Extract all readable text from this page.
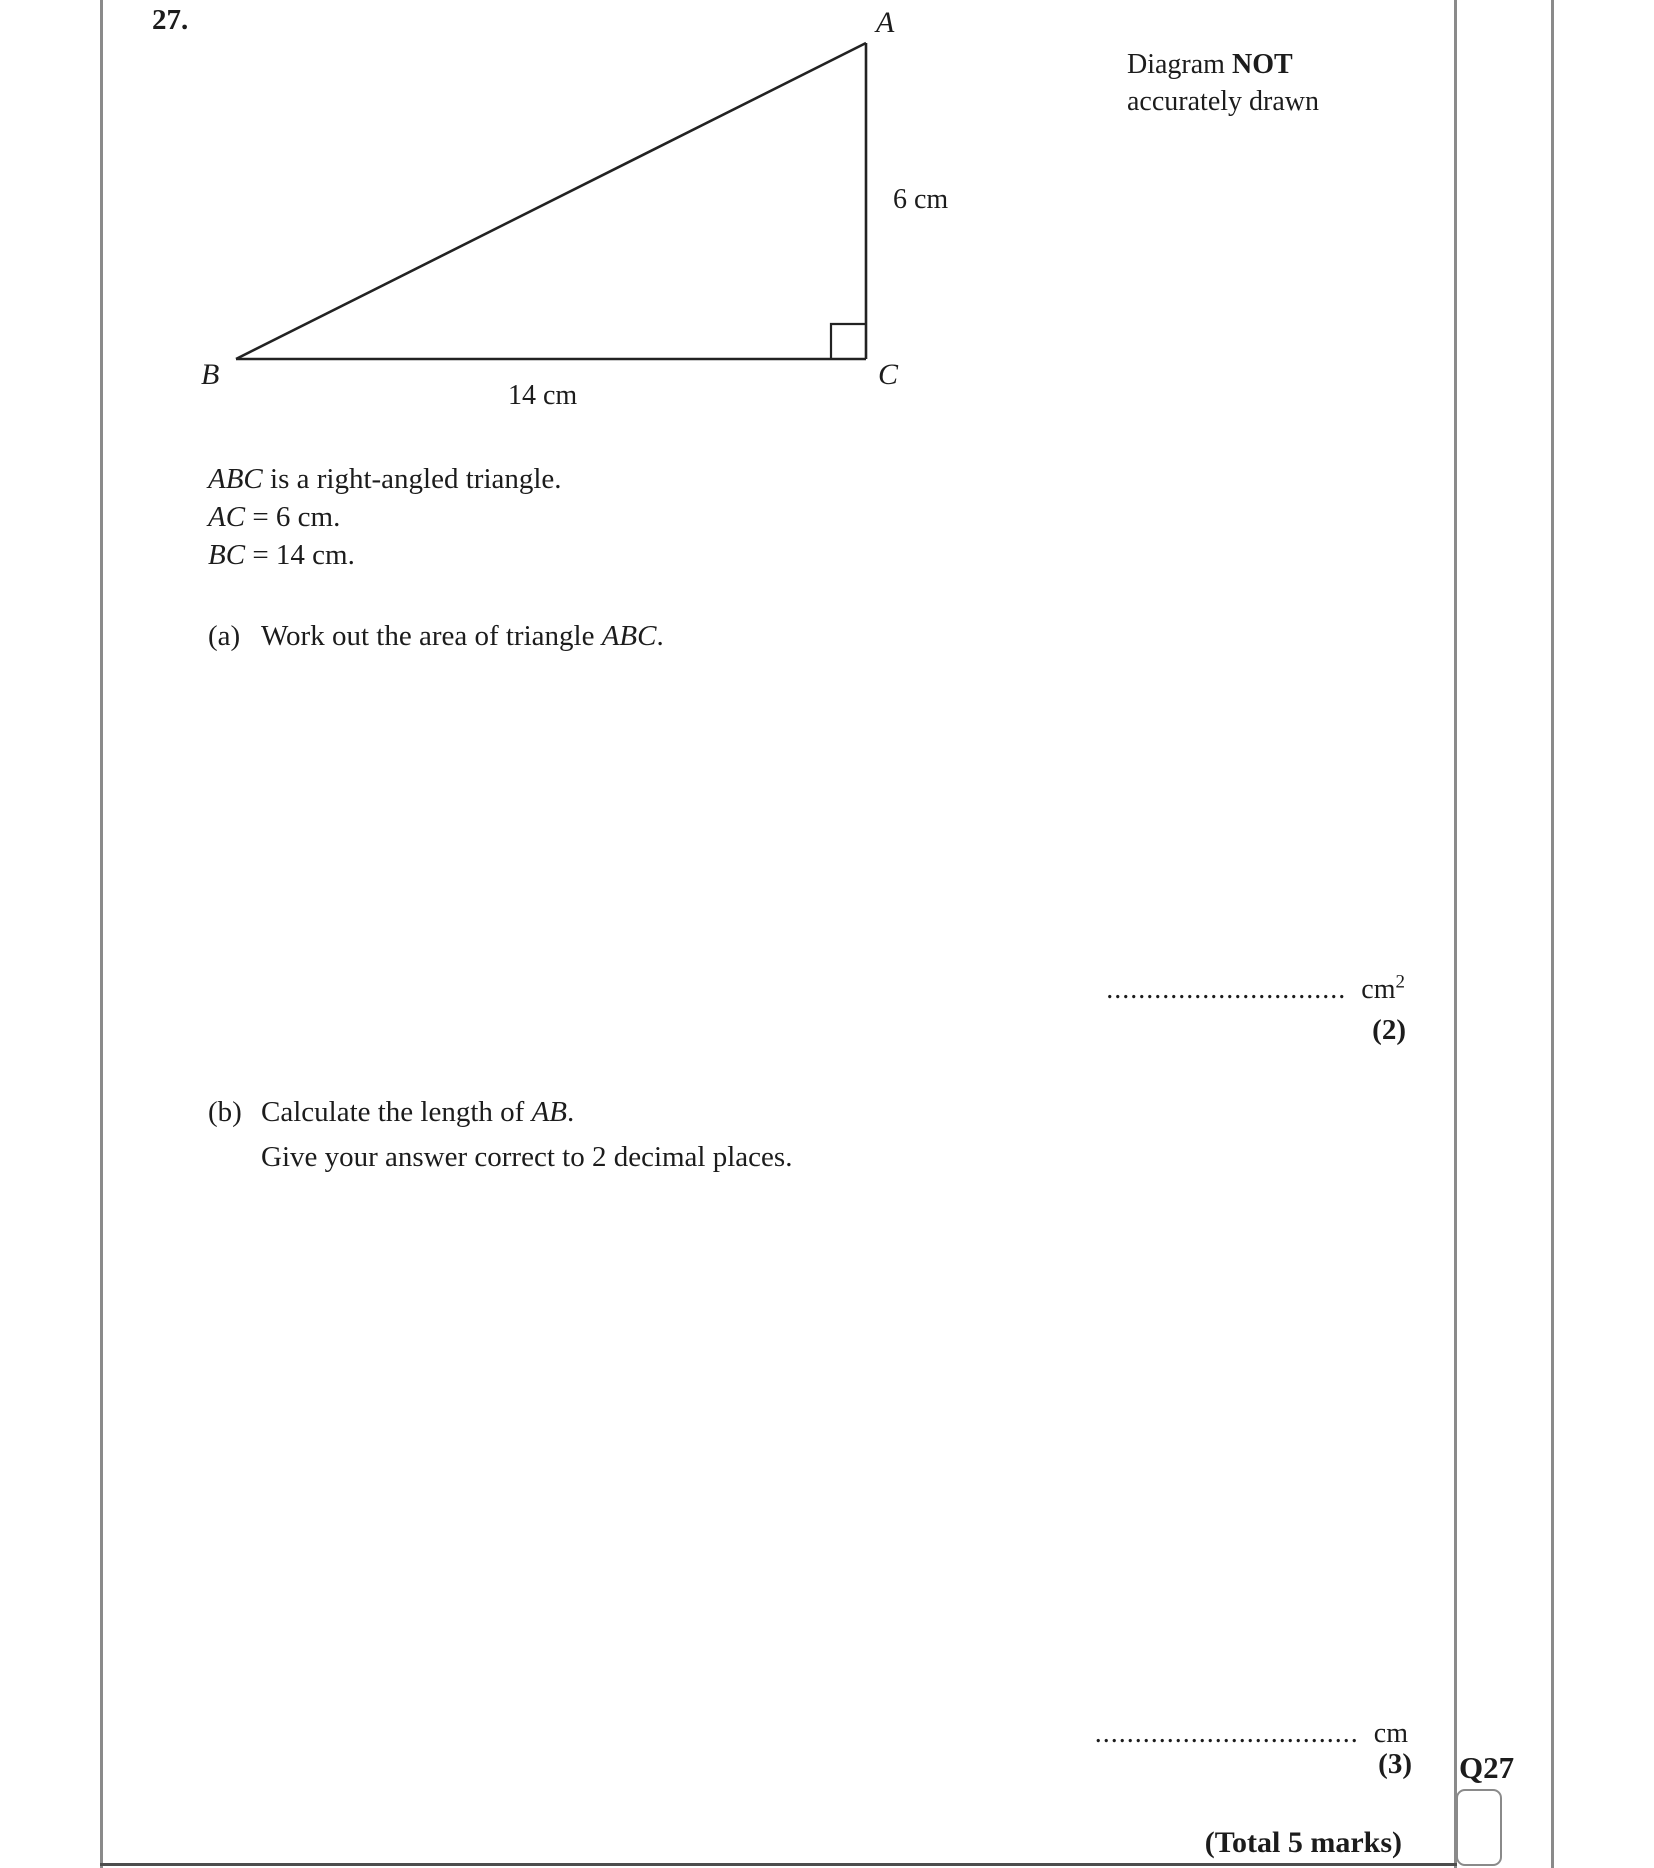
27.	A
B	C
6 cm
14 cm
Diagram NOT
accurately drawn
ABC is a right-angled triangle.
AC = 6 cm.
BC = 14 cm.
(a) Work out the area of triangle ABC.
.............................. $cm^2$
(2)
(b) Calculate the length of AB.
Give your answer correct to 2 decimal places.
................................. cm
(3) Q27
(Total 5 marks)
